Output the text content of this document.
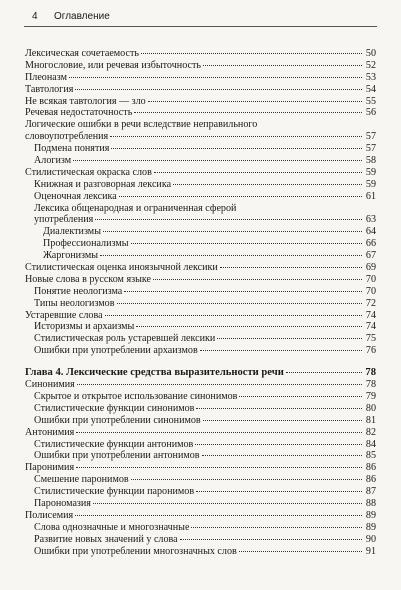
4 Оглавление
Лексическая сочетаемость	50
Многословие, или речевая избыточность	52
Плеоназм	53
Тавтология	54
Не всякая тавтология — зло	55
Речевая недостаточность	56
Логические ошибки в речи вследствие неправильного
словоупотребления	57
Подмена понятия	57
Алогизм	58
Стилистическая окраска слов	59
Книжная и разговорная лексика	59
Оценочная лексика	61
Лексика общенародная и ограниченная сферой
употребления	63
Диалектизмы	64
Профессионализмы	66
Жаргонизмы	67
Стилистическая оценка иноязычной лексики	69
Новые слова в русском языке	70
Понятие неологизма	70
Типы неологизмов	72
Устаревшие слова	74
Историзмы и архаизмы	74
Стилистическая роль устаревшей лексики	75
Ошибки при употреблении архаизмов	76
Глава 4. Лексические средства выразительности речи	78
Синонимия	78
Скрытое и открытое использование синонимов	79
Стилистические функции синонимов	80
Ошибки при употреблении синонимов	81
Антонимия	82
Стилистические функции антонимов	84
Ошибки при употреблении антонимов	85
Паронимия	86
Смешение паронимов	86
Стилистические функции паронимов	87
Парономазия	88
Полисемия	89
Слова однозначные и многозначные	89
Развитие новых значений у слова	90
Ошибки при употреблении многозначных слов	91
